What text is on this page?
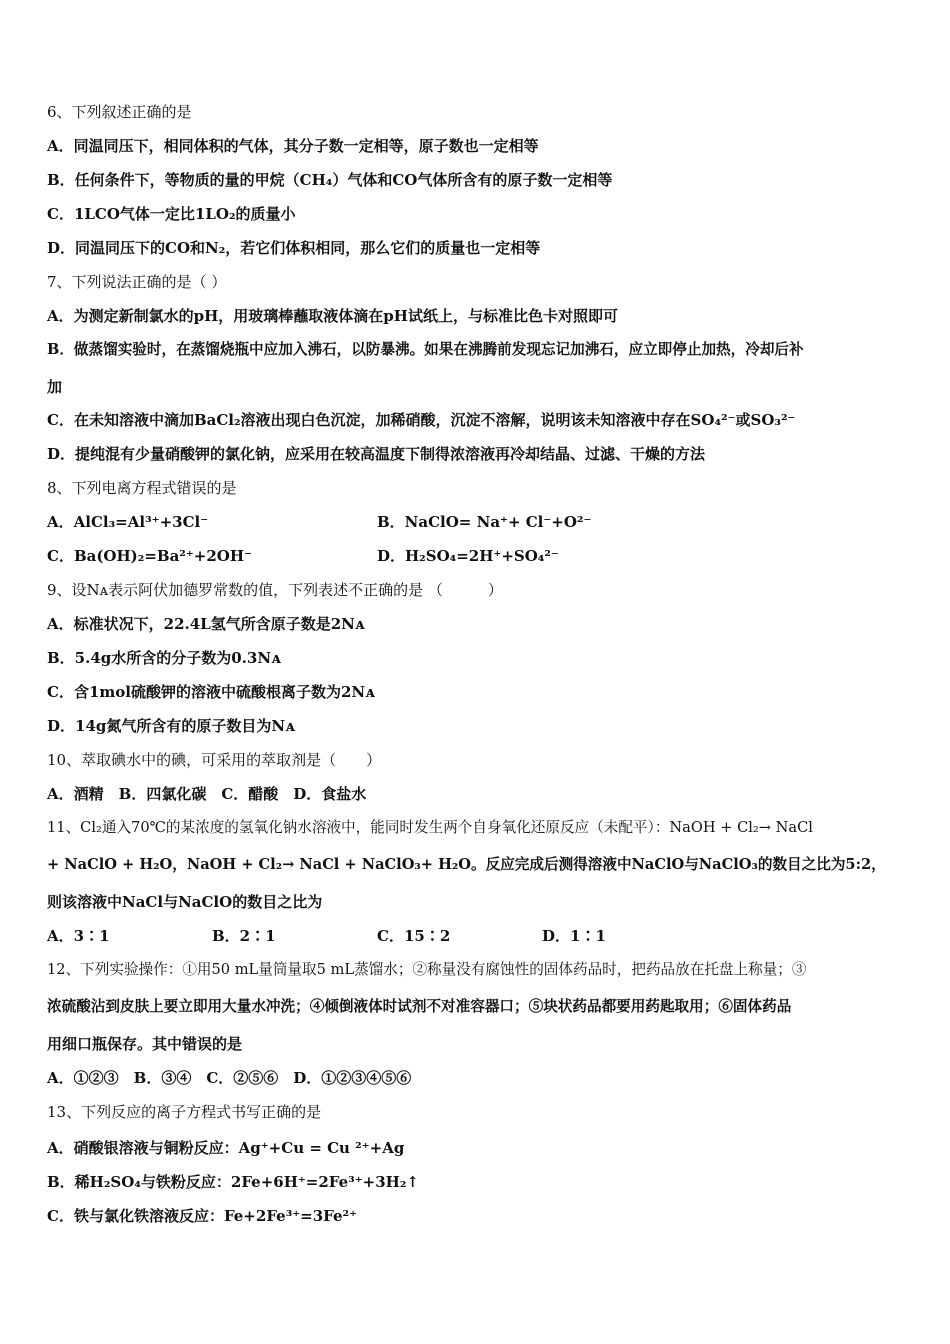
6、下列叙述正确的是
A．同温同压下，相同体积的气体，其分子数一定相等，原子数也一定相等
B．任何条件下，等物质的量的甲烷（CH₄）气体和CO气体所含有的原子数一定相等
C．1LCO气体一定比1LO₂的质量小
D．同温同压下的CO和N₂，若它们体积相同，那么它们的质量也一定相等
7、下列说法正确的是（ ）
A．为测定新制氯水的pH，用玻璃棒蘸取液体滴在pH试纸上，与标准比色卡对照即可
B．做蒸馏实验时，在蒸馏烧瓶中应加入沸石，以防暴沸。如果在沸腾前发现忘记加沸石，应立即停止加热，冷却后补
加
C．在未知溶液中滴加BaCl₂溶液出现白色沉淀，加稀硝酸，沉淀不溶解，说明该未知溶液中存在SO₄²⁻或SO₃²⁻
D．提纯混有少量硝酸钾的氯化钠，应采用在较高温度下制得浓溶液再冷却结晶、过滤、干燥的方法
8、下列电离方程式错误的是
A．AlCl₃=Al³⁺+3Cl⁻	B．NaClO= Na⁺+ Cl⁻+O²⁻
C．Ba(OH)₂=Ba²⁺+2OH⁻	D．H₂SO₄=2H⁺+SO₄²⁻
9、设Nᴀ表示阿伏加德罗常数的值，下列表述不正确的是 （　　　）
A．标准状况下，22.4L氢气所含原子数是2Nᴀ
B．5.4g水所含的分子数为0.3Nᴀ
C．含1mol硫酸钾的溶液中硫酸根离子数为2Nᴀ
D．14g氮气所含有的原子数目为Nᴀ
10、萃取碘水中的碘，可采用的萃取剂是（　　）
A．酒精　B．四氯化碳　C．醋酸　D．食盐水
11、Cl₂通入70℃的某浓度的氢氧化钠水溶液中，能同时发生两个自身氧化还原反应（未配平）：NaOH + Cl₂→ NaCl
+ NaClO + H₂O，NaOH + Cl₂→ NaCl + NaClO₃+ H₂O。反应完成后测得溶液中NaClO与NaClO₃的数目之比为5:2，
则该溶液中NaCl与NaClO的数目之比为
A．3∶1	B．2∶1	C．15∶2	D．1∶1
12、下列实验操作：①用50 mL量筒量取5 mL蒸馏水；②称量没有腐蚀性的固体药品时，把药品放在托盘上称量；③
浓硫酸沾到皮肤上要立即用大量水冲洗；④倾倒液体时试剂不对准容器口；⑤块状药品都要用药匙取用；⑥固体药品
用细口瓶保存。其中错误的是
A．①②③　B．③④　C．②⑤⑥　D．①②③④⑤⑥
13、下列反应的离子方程式书写正确的是
A．硝酸银溶液与铜粉反应：Ag⁺+Cu = Cu ²⁺+Ag
B．稀H₂SO₄与铁粉反应：2Fe+6H⁺=2Fe³⁺+3H₂↑
C．铁与氯化铁溶液反应：Fe+2Fe³⁺=3Fe²⁺
